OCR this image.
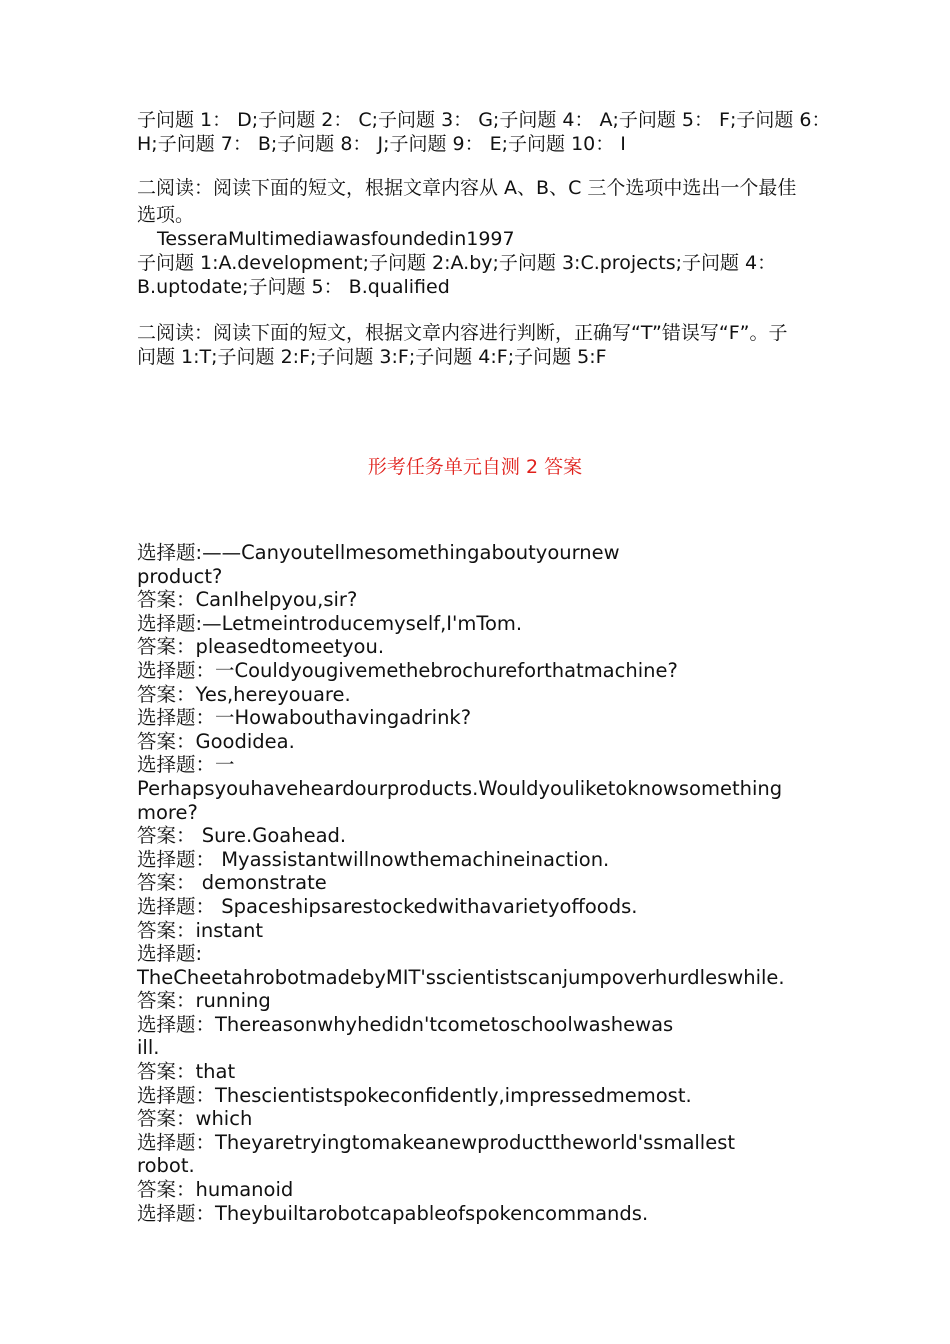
子问题 1： D;子问题 2： C;子问题 3： G;子问题 4： A;子问题 5： F;子问题 6：
H;子问题 7： B;子问题 8： J;子问题 9： E;子问题 10： I
二阅读：阅读下面的短文，根据文章内容从 A、B、C 三个选项中选出一个最佳
选项。
TesseraMultimediawasfoundedin1997
子问题 1:A.development;子问题 2:A.by;子问题 3:C.projects;子问题 4：
B.uptodate;子问题 5： B.qualified
二阅读：阅读下面的短文，根据文章内容进行判断，正确写“T”错误写“F”。子
问题 1:T;子问题 2:F;子问题 3:F;子问题 4:F;子问题 5:F
形考任务单元自测 2 答案
选择题:——Canyoutellmesomethingaboutyournew
product?
答案：CanIhelpyou,sir?
选择题:—Letmeintroducemyself,I'mTom.
答案：pleasedtomeetyou.
选择题：一Couldyougivemethebrochureforthatmachine?
答案：Yes,hereyouare.
选择题：一Howabouthavingadrink?
答案：Goodidea.
选择题：一
Perhapsyouhaveheardourproducts.Wouldyouliketoknowsomething
more?
答案： Sure.Goahead.
选择题： Myassistantwillnowthemachineinaction.
答案： demonstrate
选择题： Spaceshipsarestockedwithavarietyoffoods.
答案：instant
选择题:
TheCheetahrobotmadebyMIT'sscientistscanjumpoverhurdleswhile.
答案：running
选择题：Thereasonwhyhedidn'tcometoschoolwashewas
ill.
答案：that
选择题：Thescientistspokeconfidently,impressedmemost.
答案：which
选择题：Theyaretryingtomakeanewproducttheworld'ssmallest
robot.
答案：humanoid
选择题：Theybuiltarobotcapableofspokencommands.
